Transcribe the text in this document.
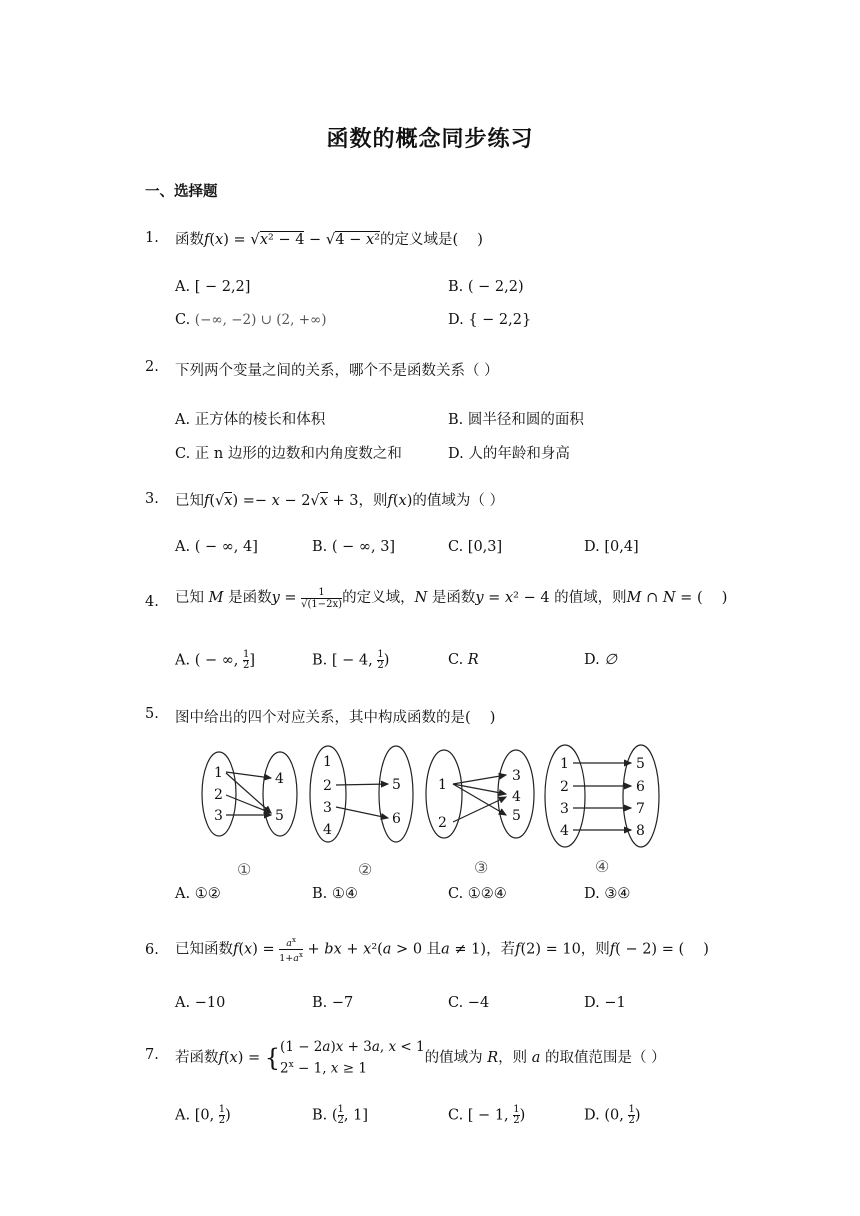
函数的概念同步练习
一、选择题
1. 函数f(x) = √x² − 4 − √4 − x²的定义域是(　 )
A. [ − 2,2]	B. ( − 2,2)
C. (−∞, −2) ∪ (2, +∞)	D. { − 2,2}
2. 下列两个变量之间的关系，哪个不是函数关系（ ）
A. 正方体的棱长和体积	B. 圆半径和圆的面积
C. 正 n 边形的边数和内角度数之和	D. 人的年龄和身高
3. 已知f(√x) =− x − 2√x + 3，则f(x)的值域为（ ）
A. ( − ∞, 4]	B. ( − ∞, 3]	C. [0,3]	D. [0,4]
4. 已知 M 是函数$y = \frac{1}{√(1-2x)}$ 的定义域，N 是函数y = x² − 4 的值域，则M ∩ N = (　 )
A. ( − ∞, $\frac{1}{2}$ ]	B. [ − 4, $\frac{1}{2}$ )	C. R	D. ∅
5. 图中给出的四个对应关系，其中构成函数的是(　 )
1
2
3
4
5
1
2
3
4
5
6
1
2
3
4
5
1
2
3
4
5
6
7
8
①	②	③	④
A. ①②	B. ①④	C. ①②④	D. ③④
6. 已知函数$f(x) = \frac{a^x}{1+a^x}$ + bx + x²(a > 0 且a ≠ 1)，若f(2) = 10，则f( − 2) = (　 )
A. −10	B. −7	C. −4	D. −1
7. 若函数f(x) = { (1 − 2a)x + 3a, x < 1
$2^x - 1$, x ≥ 1
的值域为 R，则 a 的取值范围是（ ）
A. [0, $\frac{1}{2}$ )	B. ( $\frac{1}{2}$ , 1]	C. [ − 1, $\frac{1}{2}$ )	D. (0, $\frac{1}{2}$ )
